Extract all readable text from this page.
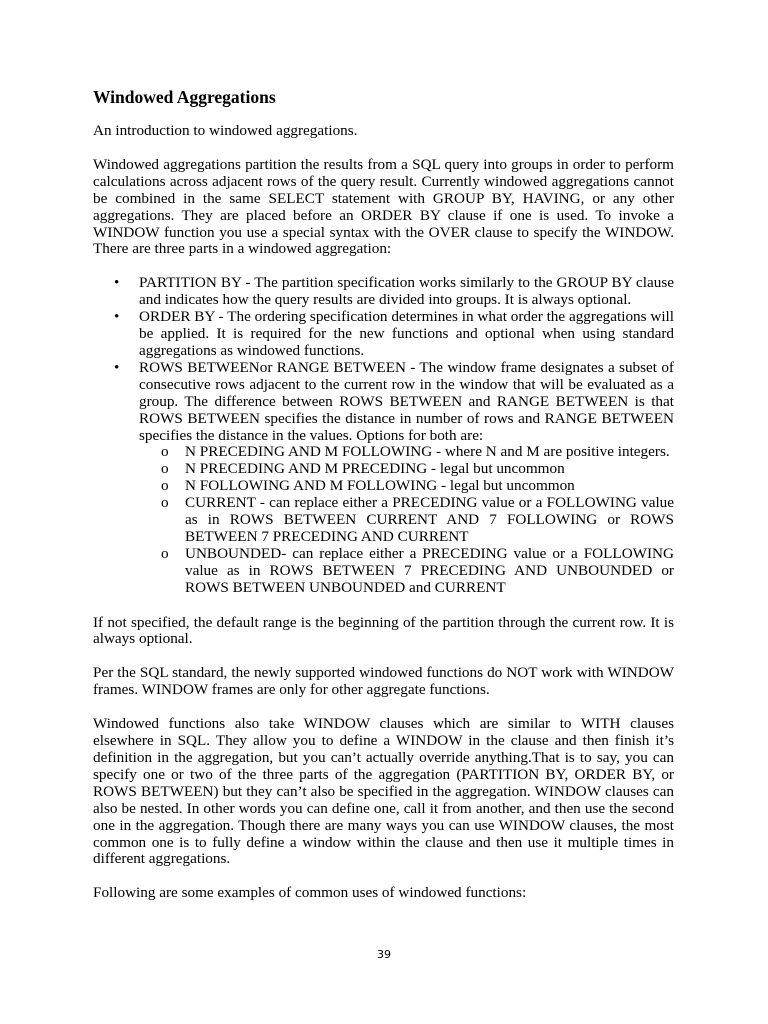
Windowed Aggregations

An introduction to windowed aggregations.

Windowed aggregations partition the results from a SQL query into groups in order to perform calculations across adjacent rows of the query result. Currently windowed aggregations cannot be combined in the same SELECT statement with GROUP BY, HAVING, or any other aggregations. They are placed before an ORDER BY clause if one is used. To invoke a WINDOW function you use a special syntax with the OVER clause to specify the WINDOW. There are three parts in a windowed aggregation:

• PARTITION BY - The partition specification works similarly to the GROUP BY clause and indicates how the query results are divided into groups. It is always optional.
• ORDER BY - The ordering specification determines in what order the aggregations will be applied. It is required for the new functions and optional when using standard aggregations as windowed functions.
• ROWS BETWEENor RANGE BETWEEN - The window frame designates a subset of consecutive rows adjacent to the current row in the window that will be evaluated as a group. The difference between ROWS BETWEEN and RANGE BETWEEN is that ROWS BETWEEN specifies the distance in number of rows and RANGE BETWEEN specifies the distance in the values. Options for both are:
o N PRECEDING AND M FOLLOWING - where N and M are positive integers.
o N PRECEDING AND M PRECEDING - legal but uncommon
o N FOLLOWING AND M FOLLOWING - legal but uncommon
o CURRENT - can replace either a PRECEDING value or a FOLLOWING value as in ROWS BETWEEN CURRENT AND 7 FOLLOWING or ROWS BETWEEN 7 PRECEDING AND CURRENT
o UNBOUNDED- can replace either a PRECEDING value or a FOLLOWING value as in ROWS BETWEEN 7 PRECEDING AND UNBOUNDED or ROWS BETWEEN UNBOUNDED and CURRENT

If not specified, the default range is the beginning of the partition through the current row. It is always optional.

Per the SQL standard, the newly supported windowed functions do NOT work with WINDOW frames. WINDOW frames are only for other aggregate functions.

Windowed functions also take WINDOW clauses which are similar to WITH clauses elsewhere in SQL. They allow you to define a WINDOW in the clause and then finish it’s definition in the aggregation, but you can’t actually override anything.That is to say, you can specify one or two of the three parts of the aggregation (PARTITION BY, ORDER BY, or ROWS BETWEEN) but they can’t also be specified in the aggregation. WINDOW clauses can also be nested. In other words you can define one, call it from another, and then use the second one in the aggregation. Though there are many ways you can use WINDOW clauses, the most common one is to fully define a window within the clause and then use it multiple times in different aggregations.

Following are some examples of common uses of windowed functions:

39
